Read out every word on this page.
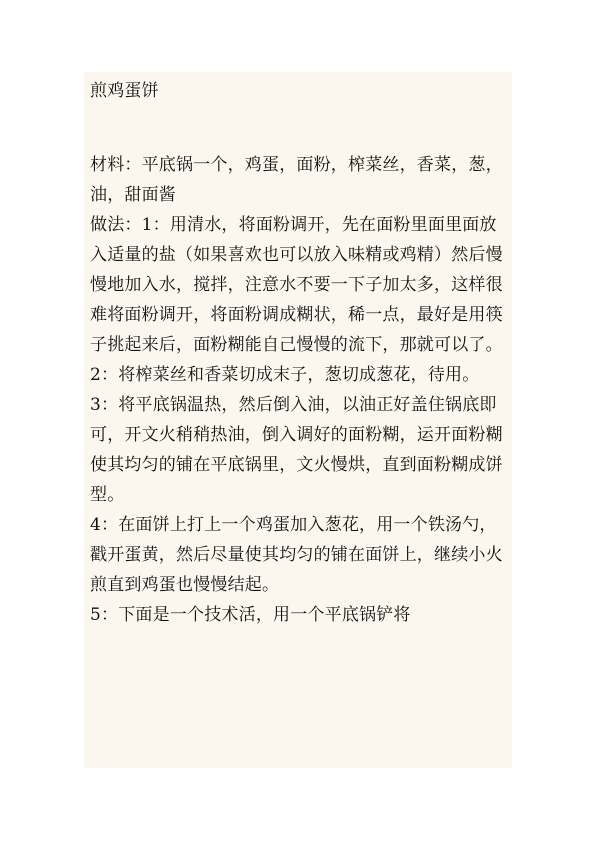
煎鸡蛋饼

材料：平底锅一个，鸡蛋，面粉，榨菜丝，香菜，葱，油，甜面酱

做法：1：用清水，将面粉调开，先在面粉里面里面放入适量的盐（如果喜欢也可以放入味精或鸡精）然后慢慢地加入水，搅拌，注意水不要一下子加太多，这样很难将面粉调开，将面粉调成糊状，稀一点，最好是用筷子挑起来后，面粉糊能自己慢慢的流下，那就可以了。

2：将榨菜丝和香菜切成末子，葱切成葱花，待用。

3：将平底锅温热，然后倒入油，以油正好盖住锅底即可，开文火稍稍热油，倒入调好的面粉糊，运开面粉糊使其均匀的铺在平底锅里，文火慢烘，直到面粉糊成饼型。

4：在面饼上打上一个鸡蛋加入葱花，用一个铁汤勺，戳开蛋黄，然后尽量使其均匀的铺在面饼上，继续小火煎直到鸡蛋也慢慢结起。

5：下面是一个技术活，用一个平底锅铲将
